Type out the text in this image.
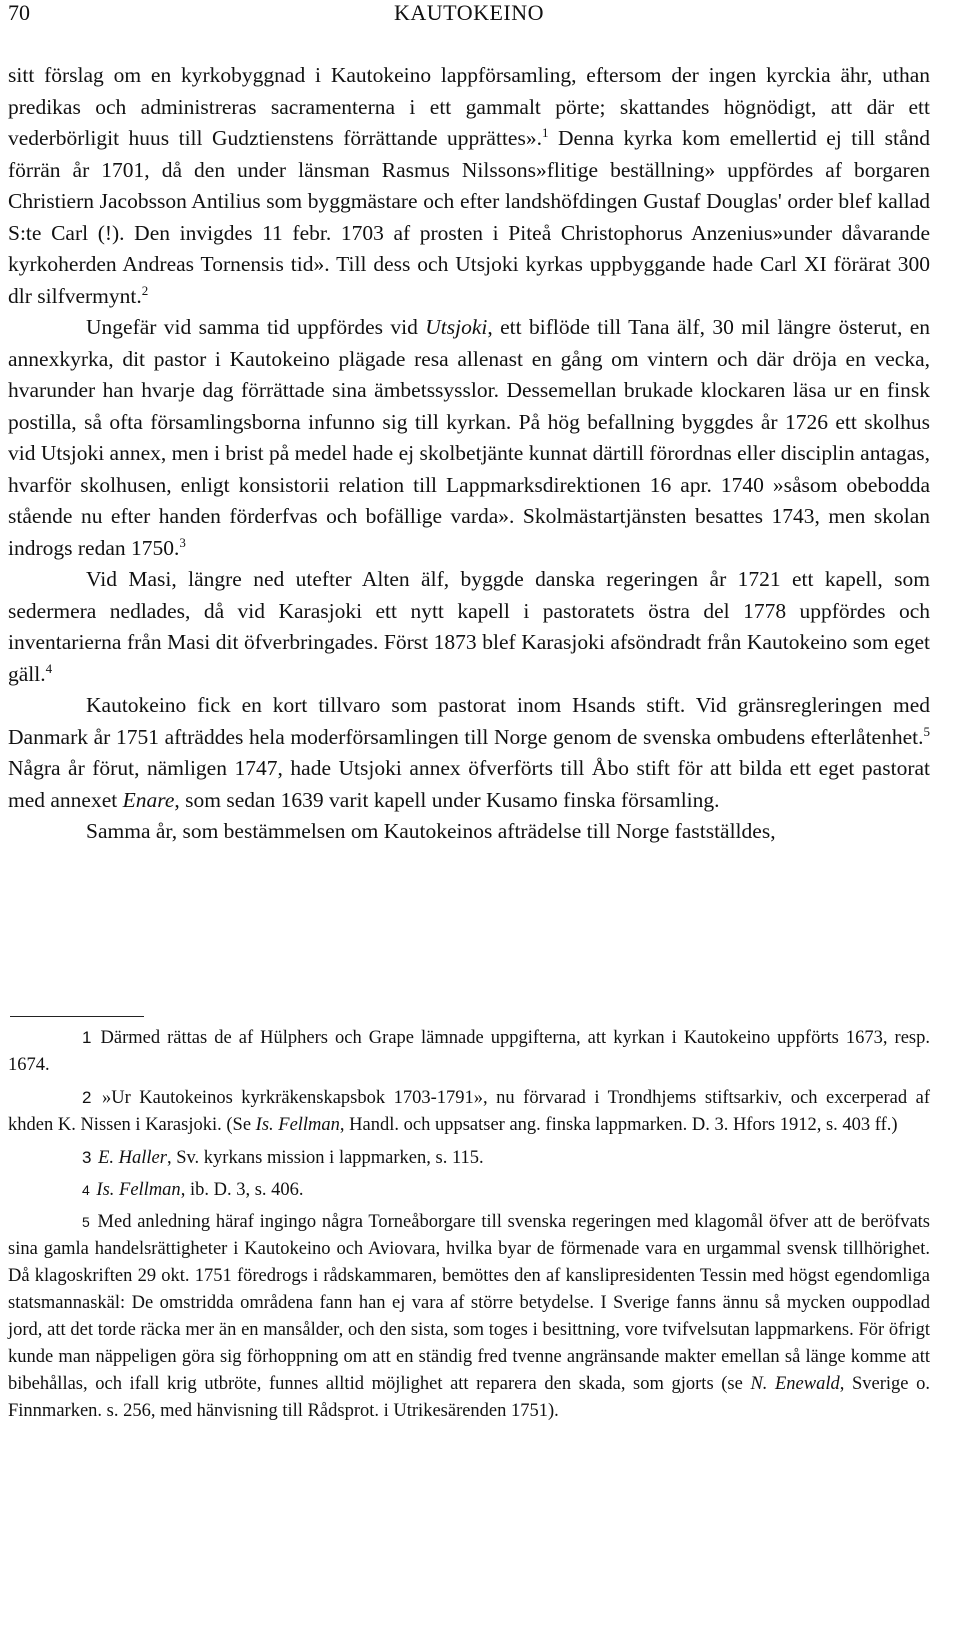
70	KAUTOKEINO

sitt förslag om en kyrkobyggnad i Kautokeino lappförsamling, eftersom der ingen kyrckia ähr, uthan predikas och administreras sacramenterna i ett gammalt pörte; skattandes högnödigt, att där ett vederbörligit huus till Gudztienstens förrättande upprättes».$^1$ Denna kyrka kom emellertid ej till stånd förrän år 1701, då den under länsman Rasmus Nilssons»flitige beställning» uppfördes af borgaren Christiern Jacobsson Antilius som byggmästare och efter landshöfdingen Gustaf Douglas' order blef kallad S:te Carl (!). Den invigdes 11 febr. 1703 af prosten i Piteå Christophorus Anzenius»under dåvarande kyrkoherden Andreas Tornensis tid». Till dess och Utsjoki kyrkas uppbyggande hade Carl XI förärat 300 dlr silfvermynt.$^2$

Ungefär vid samma tid uppfördes vid Utsjoki, ett biflöde till Tana älf, 30 mil längre österut, en annexkyrka, dit pastor i Kautokeino plägade resa allenast en gång om vintern och där dröja en vecka, hvarunder han hvarje dag förrättade sina ämbetssysslor. Dessemellan brukade klockaren läsa ur en finsk postilla, så ofta församlingsborna infunno sig till kyrkan. På hög befallning byggdes år 1726 ett skolhus vid Utsjoki annex, men i brist på medel hade ej skolbetjänte kunnat därtill förordnas eller disciplin antagas, hvarför skolhusen, enligt konsistorii relation till Lappmarksdirektionen 16 apr. 1740 »såsom obebodda stående nu efter handen förderfvas och bofällige varda». Skolmästartjänsten besattes 1743, men skolan indrogs redan 1750.$^3$

Vid Masi, längre ned utefter Alten älf, byggde danska regeringen år 1721 ett kapell, som sedermera nedlades, då vid Karasjoki ett nytt kapell i pastoratets östra del 1778 uppfördes och inventarierna från Masi dit öfverbringades. Först 1873 blef Karasjoki afsöndradt från Kautokeino som eget gäll.$^4$

Kautokeino fick en kort tillvaro som pastorat inom Hsands stift. Vid gränsregleringen med Danmark år 1751 afträddes hela moderförsamlingen till Norge genom de svenska ombudens efterlåtenhet.$^5$ Några år förut, nämligen 1747, hade Utsjoki annex öfverförts till Åbo stift för att bilda ett eget pastorat med annexet Enare, som sedan 1639 varit kapell under Kusamo finska församling.

Samma år, som bestämmelsen om Kautokeinos afträdelse till Norge fastställdes,

1 Därmed rättas de af Hülphers och Grape lämnade uppgifterna, att kyrkan i Kautokeino uppförts 1673, resp. 1674.

2 »Ur Kautokeinos kyrkräkenskapsbok 1703-1791», nu förvarad i Trondhjems stiftsarkiv, och excerperad af khden K. Nissen i Karasjoki. (Se Is. Fellman, Handl. och uppsatser ang. finska lappmarken. D. 3. Hfors 1912, s. 403 ff.)

3 E. Haller, Sv. kyrkans mission i lappmarken, s. 115.

4 Is. Fellman, ib. D. 3, s. 406.

5 Med anledning häraf ingingo några Torneåborgare till svenska regeringen med klagomål öfver att de beröfvats sina gamla handelsrättigheter i Kautokeino och Aviovara, hvilka byar de förmenade vara en urgammal svensk tillhörighet. Då klagoskriften 29 okt. 1751 föredrogs i rådskammaren, bemöttes den af kanslipresidenten Tessin med högst egendomliga statsmannaskäl: De omstridda områdena fann han ej vara af större betydelse. I Sverige fanns ännu så mycken ouppodlad jord, att det torde räcka mer än en mansålder, och den sista, som toges i besittning, vore tvifvelsutan lappmarkens. För öfrigt kunde man näppeligen göra sig förhoppning om att en ständig fred tvenne angränsande makter emellan så länge komme att bibehållas, och ifall krig utbröte, funnes alltid möjlighet att reparera den skada, som gjorts (se N. Enewald, Sverige o. Finnmarken. s. 256, med hänvisning till Rådsprot. i Utrikesärenden 1751).
